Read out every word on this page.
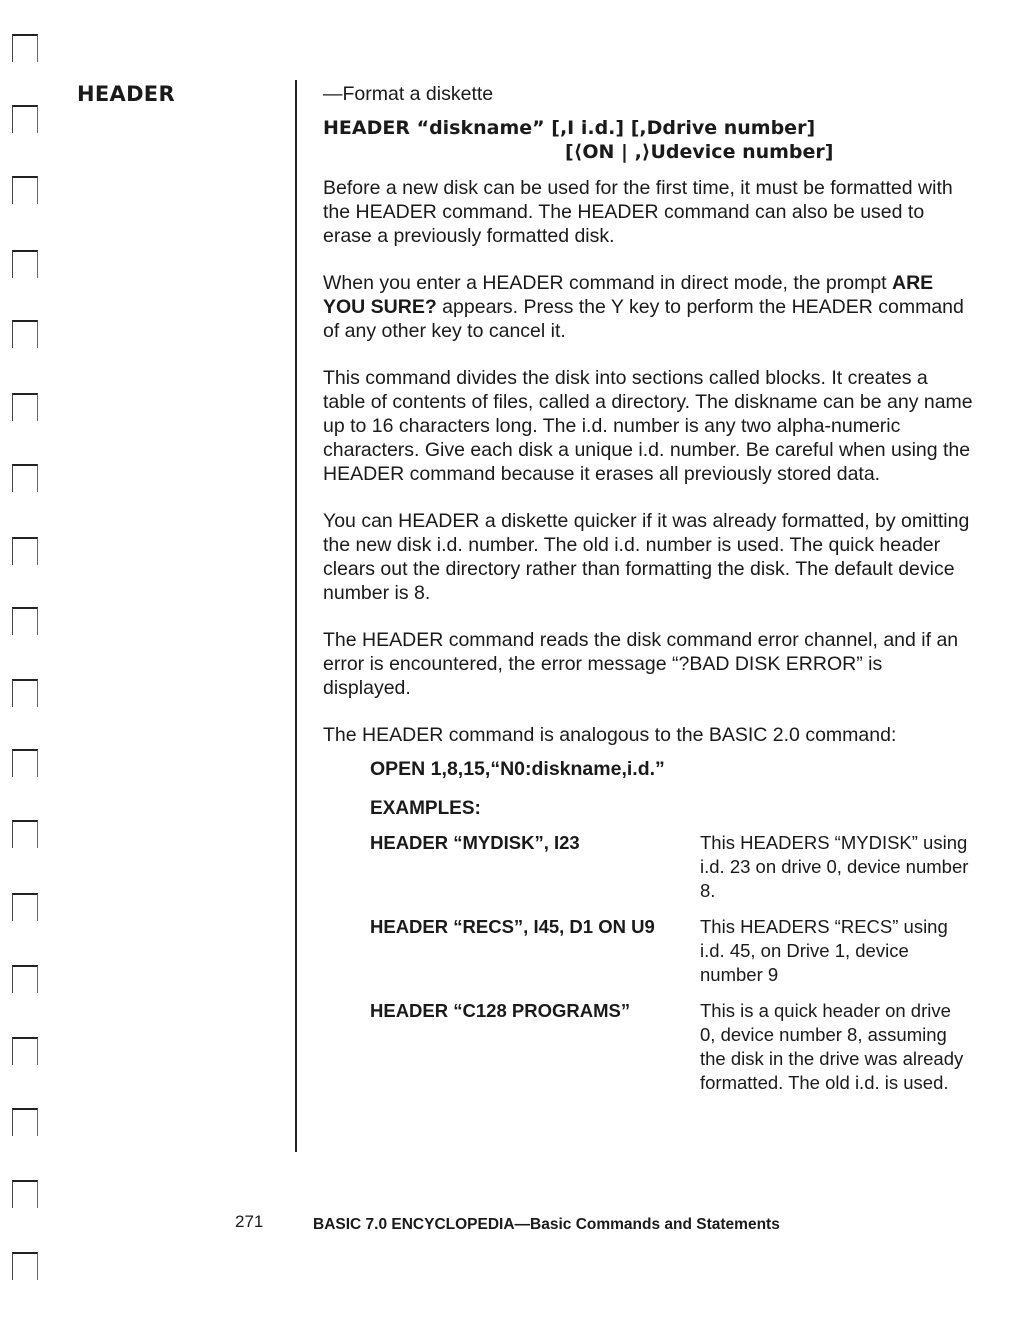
HEADER	—Format a diskette

HEADER “diskname” [,I i.d.] [,Ddrive number]
[⟨ON | ,⟩Udevice number]

Before a new disk can be used for the first time, it must be formatted with the HEADER command. The HEADER command can also be used to erase a previously formatted disk.

When you enter a HEADER command in direct mode, the prompt ARE YOU SURE? appears. Press the Y key to perform the HEADER command of any other key to cancel it.

This command divides the disk into sections called blocks. It creates a table of contents of files, called a directory. The diskname can be any name up to 16 characters long. The i.d. number is any two alpha-numeric characters. Give each disk a unique i.d. number. Be careful when using the HEADER command because it erases all previously stored data.

You can HEADER a diskette quicker if it was already formatted, by omitting the new disk i.d. number. The old i.d. number is used. The quick header clears out the directory rather than formatting the disk. The default device number is 8.

The HEADER command reads the disk command error channel, and if an error is encountered, the error message “?BAD DISK ERROR” is displayed.

The HEADER command is analogous to the BASIC 2.0 command:

OPEN 1,8,15,“N0:diskname,i.d.”

EXAMPLES:

HEADER “MYDISK”, I23	This HEADERS “MYDISK” using i.d. 23 on drive 0, device number 8.
HEADER “RECS”, I45, D1 ON U9	This HEADERS “RECS” using i.d. 45, on Drive 1, device number 9
HEADER “C128 PROGRAMS”	This is a quick header on drive 0, device number 8, assuming the disk in the drive was already formatted. The old i.d. is used.
271	BASIC 7.0 ENCYCLOPEDIA—Basic Commands and Statements
